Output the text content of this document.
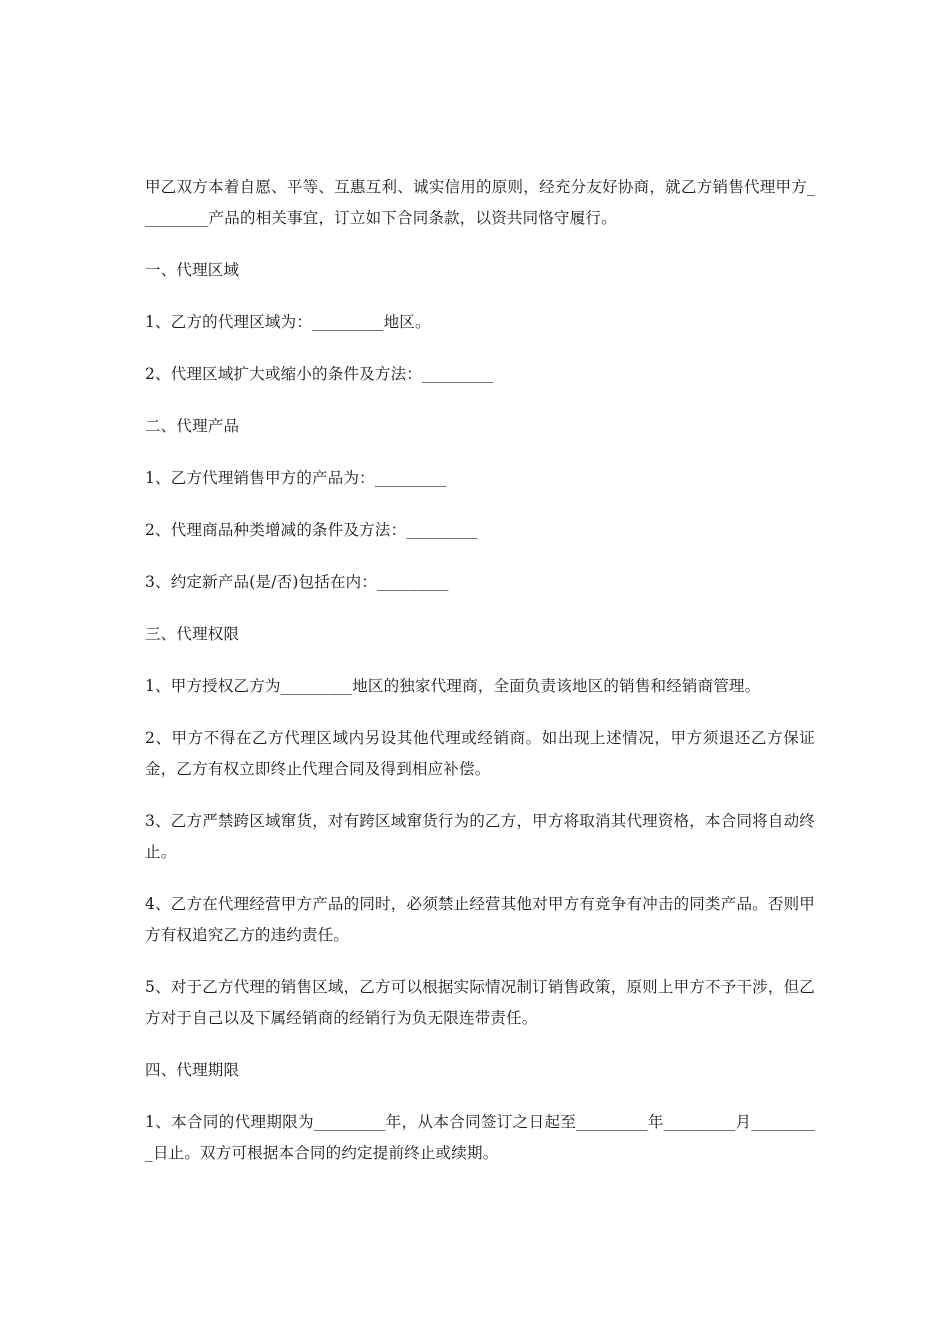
甲乙双方本着自愿、平等、互惠互利、诚实信用的原则，经充分友好协商，就乙方销售代理甲方_________产品的相关事宜，订立如下合同条款，以资共同恪守履行。

一、代理区域

1、乙方的代理区域为：_________地区。

2、代理区域扩大或缩小的条件及方法：_________

二、代理产品

1、乙方代理销售甲方的产品为：_________

2、代理商品种类增减的条件及方法：_________

3、约定新产品(是/否)包括在内：_________

三、代理权限

1、甲方授权乙方为_________地区的独家代理商，全面负责该地区的销售和经销商管理。

2、甲方不得在乙方代理区域内另设其他代理或经销商。如出现上述情况，甲方须退还乙方保证金，乙方有权立即终止代理合同及得到相应补偿。

3、乙方严禁跨区域窜货，对有跨区域窜货行为的乙方，甲方将取消其代理资格，本合同将自动终止。

4、乙方在代理经营甲方产品的同时，必须禁止经营其他对甲方有竞争有冲击的同类产品。否则甲方有权追究乙方的违约责任。

5、对于乙方代理的销售区域，乙方可以根据实际情况制订销售政策，原则上甲方不予干涉，但乙方对于自己以及下属经销商的经销行为负无限连带责任。

四、代理期限

1、本合同的代理期限为_________年，从本合同签订之日起至_________年_________月_________日止。双方可根据本合同的约定提前终止或续期。
